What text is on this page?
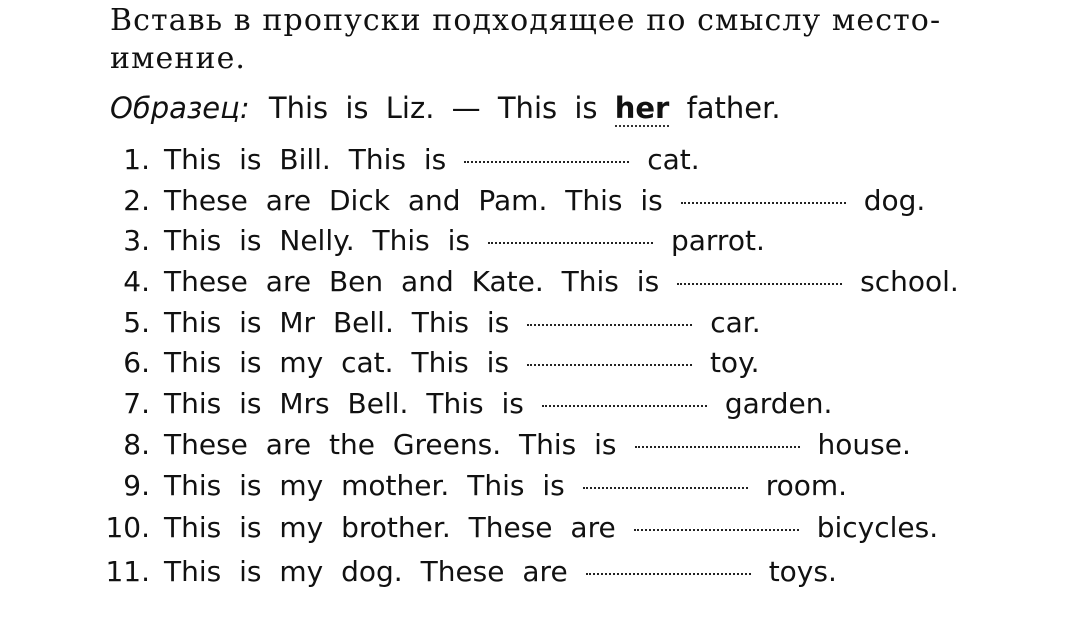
Вставь в пропуски подходящее по смыслу место-
имение.
Образец: This is Liz. — This is her father.
1. This is Bill. This is	cat.
2. These are Dick and Pam. This is	dog.
3. This is Nelly. This is	parrot.
4. These are Ben and Kate. This is	school.
5. This is Mr Bell. This is	car.
6. This is my cat. This is	toy.
7. This is Mrs Bell. This is	garden.
8. These are the Greens. This is	house.
9. This is my mother. This is	room.
10. This is my brother. These are	bicycles.
11. This is my dog. These are	toys.
